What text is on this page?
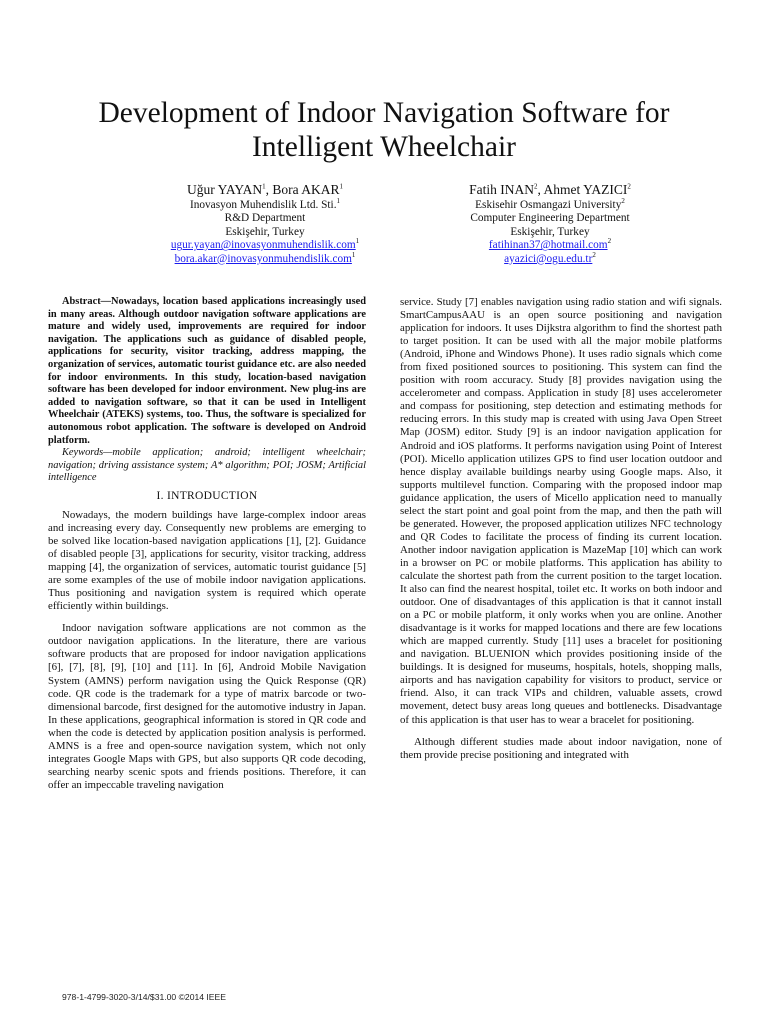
Development of Indoor Navigation Software for
Intelligent Wheelchair
Uğur YAYAN$^1$, Bora AKAR$^1$
Inovasyon Muhendislik Ltd. Sti.$^1$
R&D Department
Eskişehir, Turkey
ugur.yayan@inovasyonmuhendislik.com$^1$
bora.akar@inovasyonmuhendislik.com$^1$
Fatih INAN$^2$, Ahmet YAZICI$^2$
Eskisehir Osmangazi University$^2$
Computer Engineering Department
Eskişehir, Turkey
fatihinan37@hotmail.com$^2$
$ayazici@ogu.edu.tr^2$

Abstract—Nowadays, location based applications increasingly used in many areas. Although outdoor navigation software applications are mature and widely used, improvements are required for indoor navigation. The applications such as guidance of disabled people, applications for security, visitor tracking, address mapping, the organization of services, automatic tourist guidance etc. are also needed for indoor environments. In this study, location-based navigation software has been developed for indoor environment. New plug-ins are added to navigation software, so that it can be used in Intelligent Wheelchair (ATEKS) systems, too. Thus, the software is specialized for autonomous robot application. The software is developed on Android platform.

Keywords—mobile application; android; intelligent wheelchair; navigation; driving assistance system; A* algorithm; POI; JOSM; Artificial intelligence

I. INTRODUCTION

Nowadays, the modern buildings have large-complex indoor areas and increasing every day. Consequently new problems are emerging to be solved like location-based navigation applications [1], [2]. Guidance of disabled people [3], applications for security, visitor tracking, address mapping [4], the organization of services, automatic tourist guidance [5] are some examples of the use of mobile indoor navigation applications. Thus positioning and navigation system is required which operate efficiently within buildings.

Indoor navigation software applications are not common as the outdoor navigation applications. In the literature, there are various software products that are proposed for indoor navigation applications [6], [7], [8], [9], [10] and [11]. In [6], Android Mobile Navigation System (AMNS) perform navigation using the Quick Response (QR) code. QR code is the trademark for a type of matrix barcode or two-dimensional barcode, first designed for the automotive industry in Japan. In these applications, geographical information is stored in QR code and when the code is detected by application position analysis is performed. AMNS is a free and open-source navigation system, which not only integrates Google Maps with GPS, but also supports QR code decoding, searching nearby scenic spots and friends positions. Therefore, it can offer an impeccable traveling navigation

service. Study [7] enables navigation using radio station and wifi signals. SmartCampusAAU is an open source positioning and navigation application for indoors. It uses Dijkstra algorithm to find the shortest path to target position. It can be used with all the major mobile platforms (Android, iPhone and Windows Phone). It uses radio signals which come from fixed positioned sources to positioning. This system can find the position with room accuracy. Study [8] provides navigation using the accelerometer and compass. Application in study [8] uses accelerometer and compass for positioning, step detection and estimating methods for reducing errors. In this study map is created with using Java Open Street Map (JOSM) editor. Study [9] is an indoor navigation application for Android and iOS platforms. It performs navigation using Point of Interest (POI). Micello application utilizes GPS to find user location outdoor and hence display available buildings nearby using Google maps. Also, it supports multilevel function. Comparing with the proposed indoor map guidance application, the users of Micello application need to manually select the start point and goal point from the map, and then the path will be generated. However, the proposed application utilizes NFC technology and QR Codes to facilitate the process of finding its current location. Another indoor navigation application is MazeMap [10] which can work in a browser on PC or mobile platforms. This application has ability to calculate the shortest path from the current position to the target location. It also can find the nearest hospital, toilet etc. It works on both indoor and outdoor. One of disadvantages of this application is that it cannot install on a PC or mobile platform, it only works when you are online. Another disadvantage is it works for mapped locations and there are few locations which are mapped currently. Study [11] uses a bracelet for positioning and navigation. BLUENION which provides positioning inside of the buildings. It is designed for museums, hospitals, hotels, shopping malls, airports and has navigation capability for visitors to product, service or friend. Also, it can track VIPs and children, valuable assets, crowd movement, detect busy areas long queues and bottlenecks. Disadvantage of this application is that user has to wear a bracelet for positioning.

Although different studies made about indoor navigation, none of them provide precise positioning and integrated with

978-1-4799-3020-3/14/$31.00 ©2014 IEEE
